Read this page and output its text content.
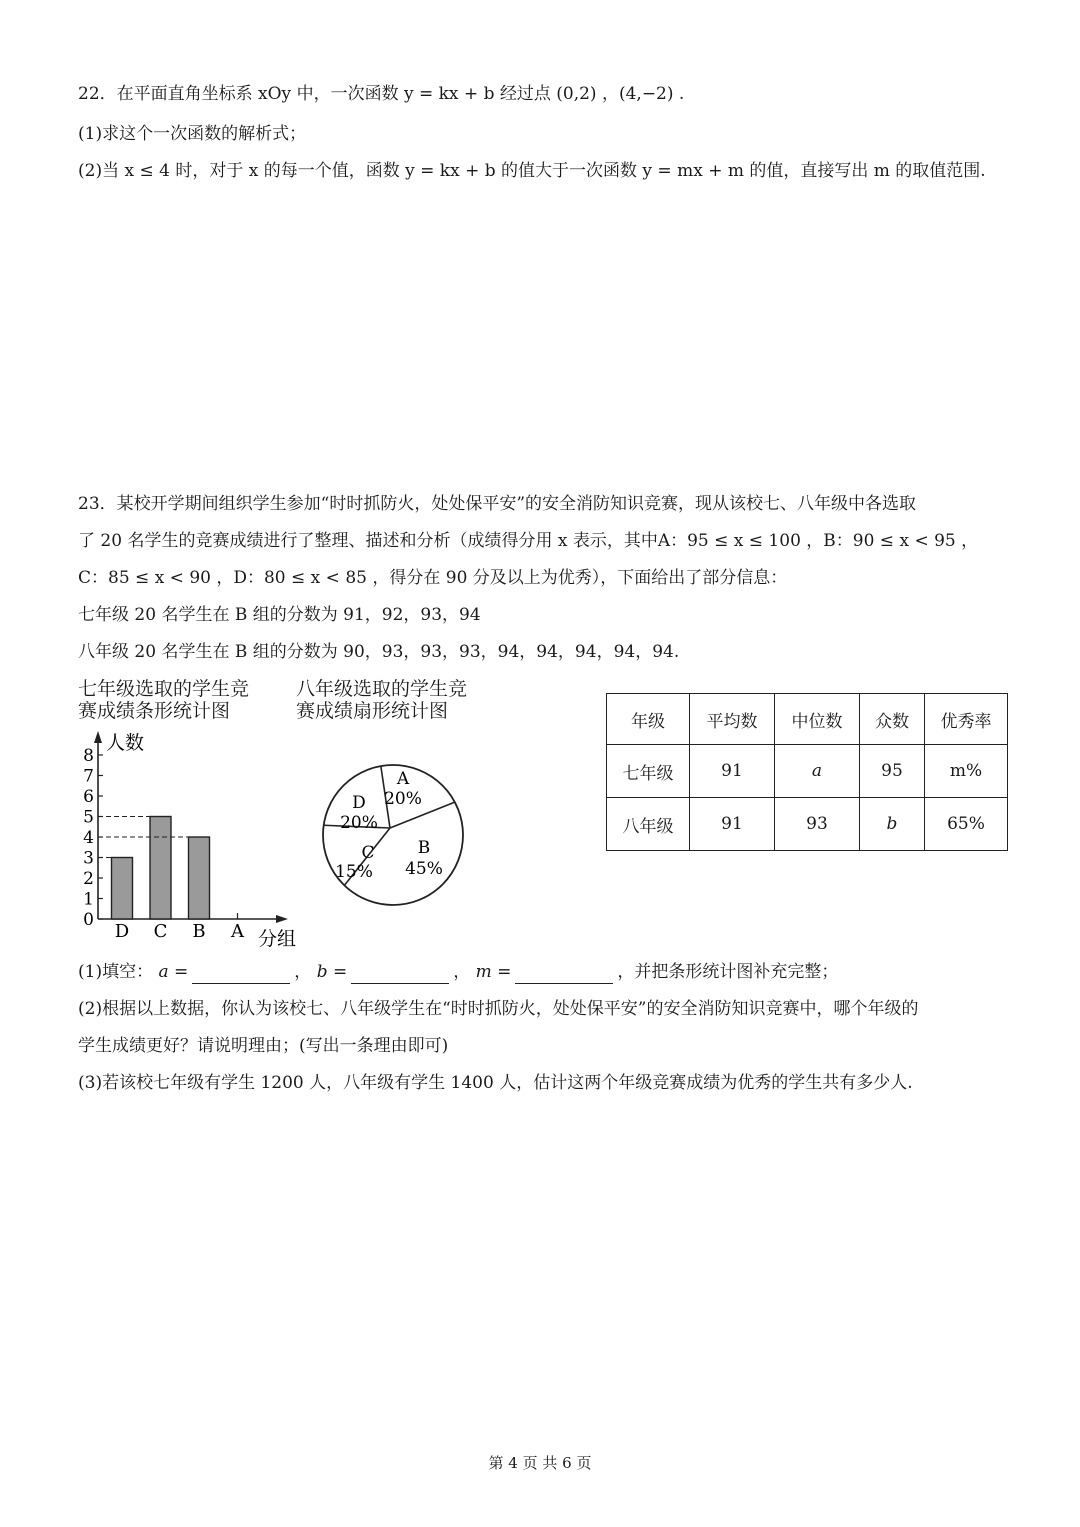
22．在平面直角坐标系 xOy 中，一次函数 y = kx + b 经过点 (0,2) ，(4,−2) .
(1)求这个一次函数的解析式；
(2)当 x ≤ 4 时，对于 x 的每一个值，函数 y = kx + b 的值大于一次函数 y = mx + m 的值，直接写出 m 的取值范围.
23．某校开学期间组织学生参加“时时抓防火，处处保平安”的安全消防知识竞赛，现从该校七、八年级中各选取
了 20 名学生的竞赛成绩进行了整理、描述和分析（成绩得分用 x 表示，其中A：95 ≤ x ≤ 100 ，B：90 ≤ x < 95 ，
C：85 ≤ x < 90 ，D：80 ≤ x < 85 ，得分在 90 分及以上为优秀），下面给出了部分信息：
七年级 20 名学生在 B 组的分数为 91，92，93，94
八年级 20 名学生在 B 组的分数为 90，93，93，93，94，94，94，94，94.
七年级选取的学生竞
赛成绩条形统计图
八年级选取的学生竞
赛成绩扇形统计图
人数
分组
0
1
2
3
4
5
6
7
8
D C B A
A
20%
B
45%
C
15%
D
20%
年级	平均数	中位数	众数	优秀率
七年级	91	a	95	m%
八年级	91	93	b	65%
(1)填空： a =	， b =	， m =	，并把条形统计图补充完整；
(2)根据以上数据，你认为该校七、八年级学生在“时时抓防火，处处保平安”的安全消防知识竞赛中，哪个年级的
学生成绩更好？请说明理由；(写出一条理由即可)
(3)若该校七年级有学生 1200 人，八年级有学生 1400 人，估计这两个年级竞赛成绩为优秀的学生共有多少人.
第 4 页 共 6 页
